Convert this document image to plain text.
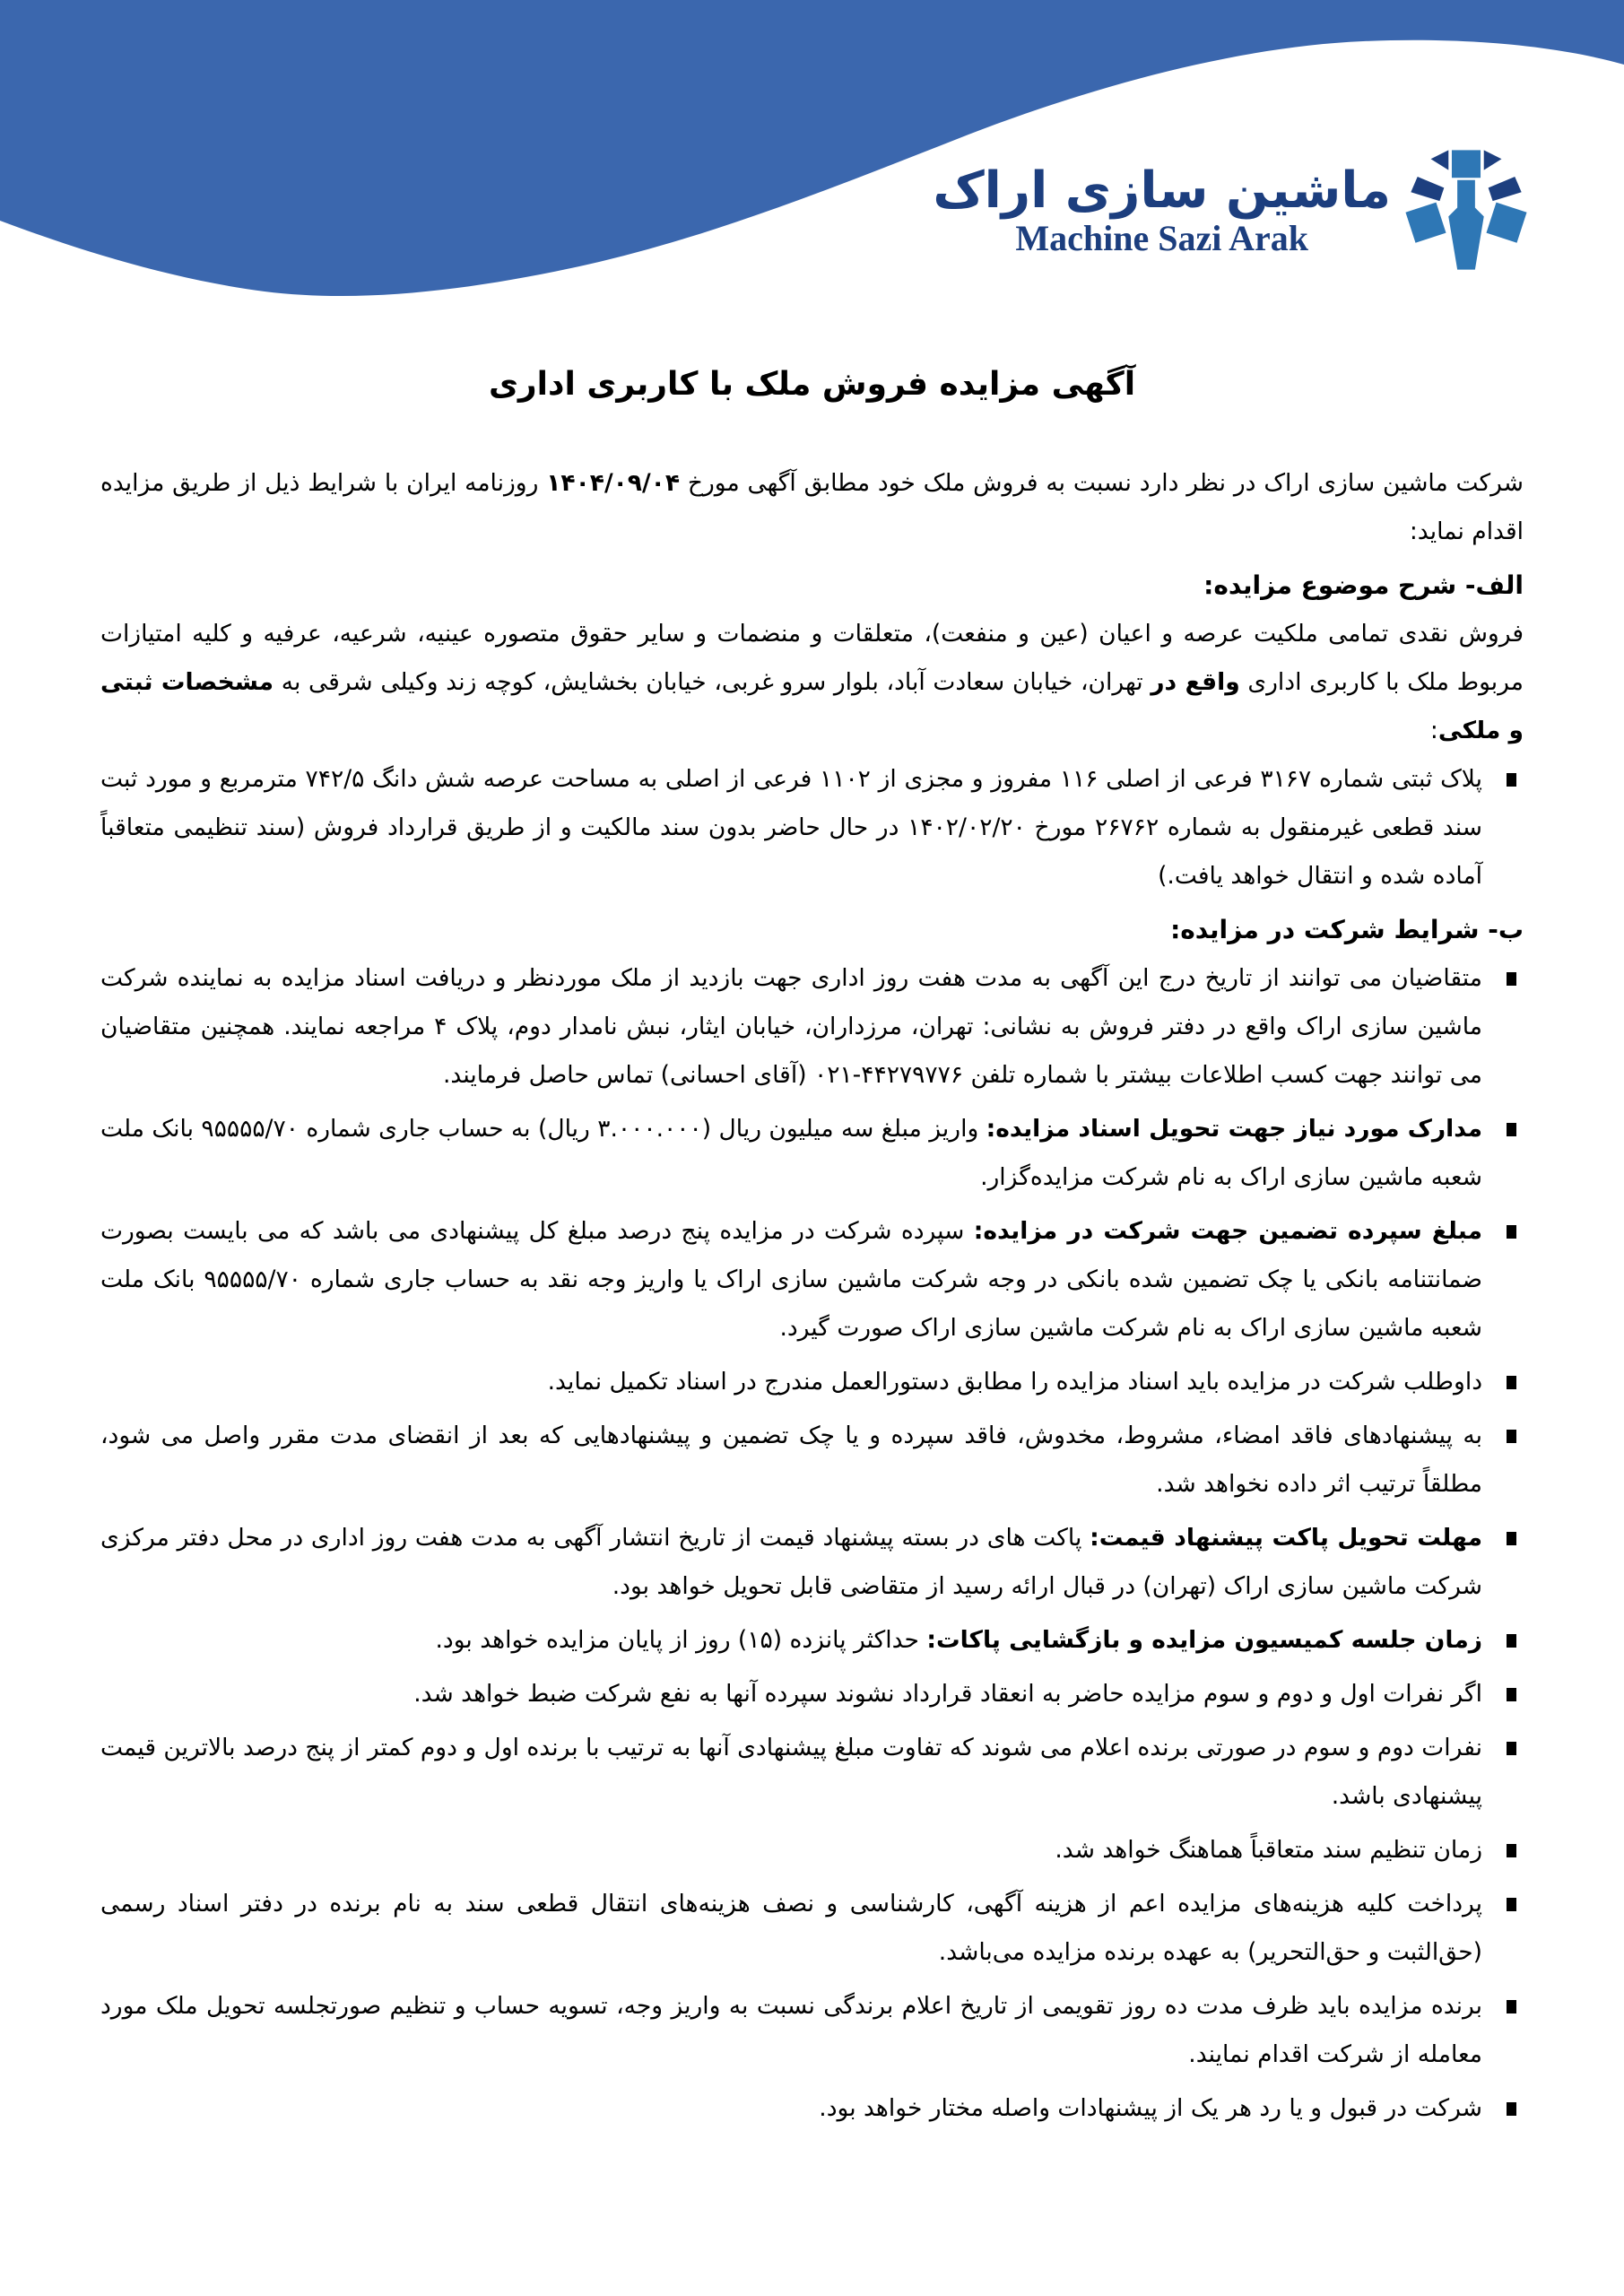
ماشین سازی اراک
Machine Sazi Arak
آگهی مزایده فروش ملک با کاربری اداری

شرکت ماشین سازی اراک در نظر دارد نسبت به فروش ملک خود مطابق آگهی مورخ ۱۴۰۴/۰۹/۰۴ روزنامه ایران با شرایط ذیل از طریق مزایده اقدام نماید:

الف- شرح موضوع مزایده:

فروش نقدی تمامی ملکیت عرصه و اعیان (عین و منفعت)، متعلقات و منضمات و سایر حقوق متصوره عینیه، شرعیه، عرفیه و کلیه امتیازات مربوط ملک با کاربری اداری واقع در تهران، خیابان سعادت آباد، بلوار سرو غربی، خیابان بخشایش، کوچه زند وکیلی شرقی به مشخصات ثبتی و ملکی:

پلاک ثبتی شماره ۳۱۶۷ فرعی از اصلی ۱۱۶ مفروز و مجزی از ۱۱۰۲ فرعی از اصلی به مساحت عرصه شش دانگ ۷۴۲/۵ مترمربع و مورد ثبت سند قطعی غیرمنقول به شماره ۲۶۷۶۲ مورخ ۱۴۰۲/۰۲/۲۰ در حال حاضر بدون سند مالکیت و از طریق قرارداد فروش (سند تنظیمی متعاقباً آماده شده و انتقال خواهد یافت.)
ب- شرایط شرکت در مزایده:
متقاضیان می توانند از تاریخ درج این آگهی به مدت هفت روز اداری جهت بازدید از ملک موردنظر و دریافت اسناد مزایده به نماینده شرکت ماشین سازی اراک واقع در دفتر فروش به نشانی: تهران، مرزداران، خیابان ایثار، نبش نامدار دوم، پلاک ۴ مراجعه نمایند. همچنین متقاضیان می توانند جهت کسب اطلاعات بیشتر با شماره تلفن ۴۴۲۷۹۷۷۶-۰۲۱ (آقای احسانی) تماس حاصل فرمایند.
مدارک مورد نیاز جهت تحویل اسناد مزایده: واریز مبلغ سه میلیون ریال (۳.۰۰۰.۰۰۰ ریال) به حساب جاری شماره ۹۵۵۵۵/۷۰ بانک ملت شعبه ماشین سازی اراک به نام شرکت مزایده‌گزار.
مبلغ سپرده تضمین جهت شرکت در مزایده: سپرده شرکت در مزایده پنج درصد مبلغ کل پیشنهادی می باشد که می بایست بصورت ضمانتنامه بانکی یا چک تضمین شده بانکی در وجه شرکت ماشین سازی اراک یا واریز وجه نقد به حساب جاری شماره ۹۵۵۵۵/۷۰ بانک ملت شعبه ماشین سازی اراک به نام شرکت ماشین سازی اراک صورت گیرد.
داوطلب شرکت در مزایده باید اسناد مزایده را مطابق دستورالعمل مندرج در اسناد تکمیل نماید.
به پیشنهادهای فاقد امضاء، مشروط، مخدوش، فاقد سپرده و یا چک تضمین و پیشنهادهایی که بعد از انقضای مدت مقرر واصل می شود، مطلقاً ترتیب اثر داده نخواهد شد.
مهلت تحویل پاکت پیشنهاد قیمت: پاکت های در بسته پیشنهاد قیمت از تاریخ انتشار آگهی به مدت هفت روز اداری در محل دفتر مرکزی شرکت ماشین سازی اراک (تهران) در قبال ارائه رسید از متقاضی قابل تحویل خواهد بود.
زمان جلسه کمیسیون مزایده و بازگشایی پاکات: حداکثر پانزده (۱۵) روز از پایان مزایده خواهد بود.
اگر نفرات اول و دوم و سوم مزایده حاضر به انعقاد قرارداد نشوند سپرده آنها به نفع شرکت ضبط خواهد شد.
نفرات دوم و سوم در صورتی برنده اعلام می شوند که تفاوت مبلغ پیشنهادی آنها به ترتیب با برنده اول و دوم کمتر از پنج درصد بالاترین قیمت پیشنهادی باشد.
زمان تنظیم سند متعاقباً هماهنگ خواهد شد.
پرداخت کلیه هزینه‌های مزایده اعم از هزینه آگهی، کارشناسی و نصف هزینه‌های انتقال قطعی سند به نام برنده در دفتر اسناد رسمی (حق‌الثبت و حق‌التحریر) به عهده برنده مزایده می‌باشد.
برنده مزایده باید ظرف مدت ده روز تقویمی از تاریخ اعلام برندگی نسبت به واریز وجه، تسویه حساب و تنظیم صورتجلسه تحویل ملک مورد معامله از شرکت اقدام نمایند.
شرکت در قبول و یا رد هر یک از پیشنهادات واصله مختار خواهد بود.
